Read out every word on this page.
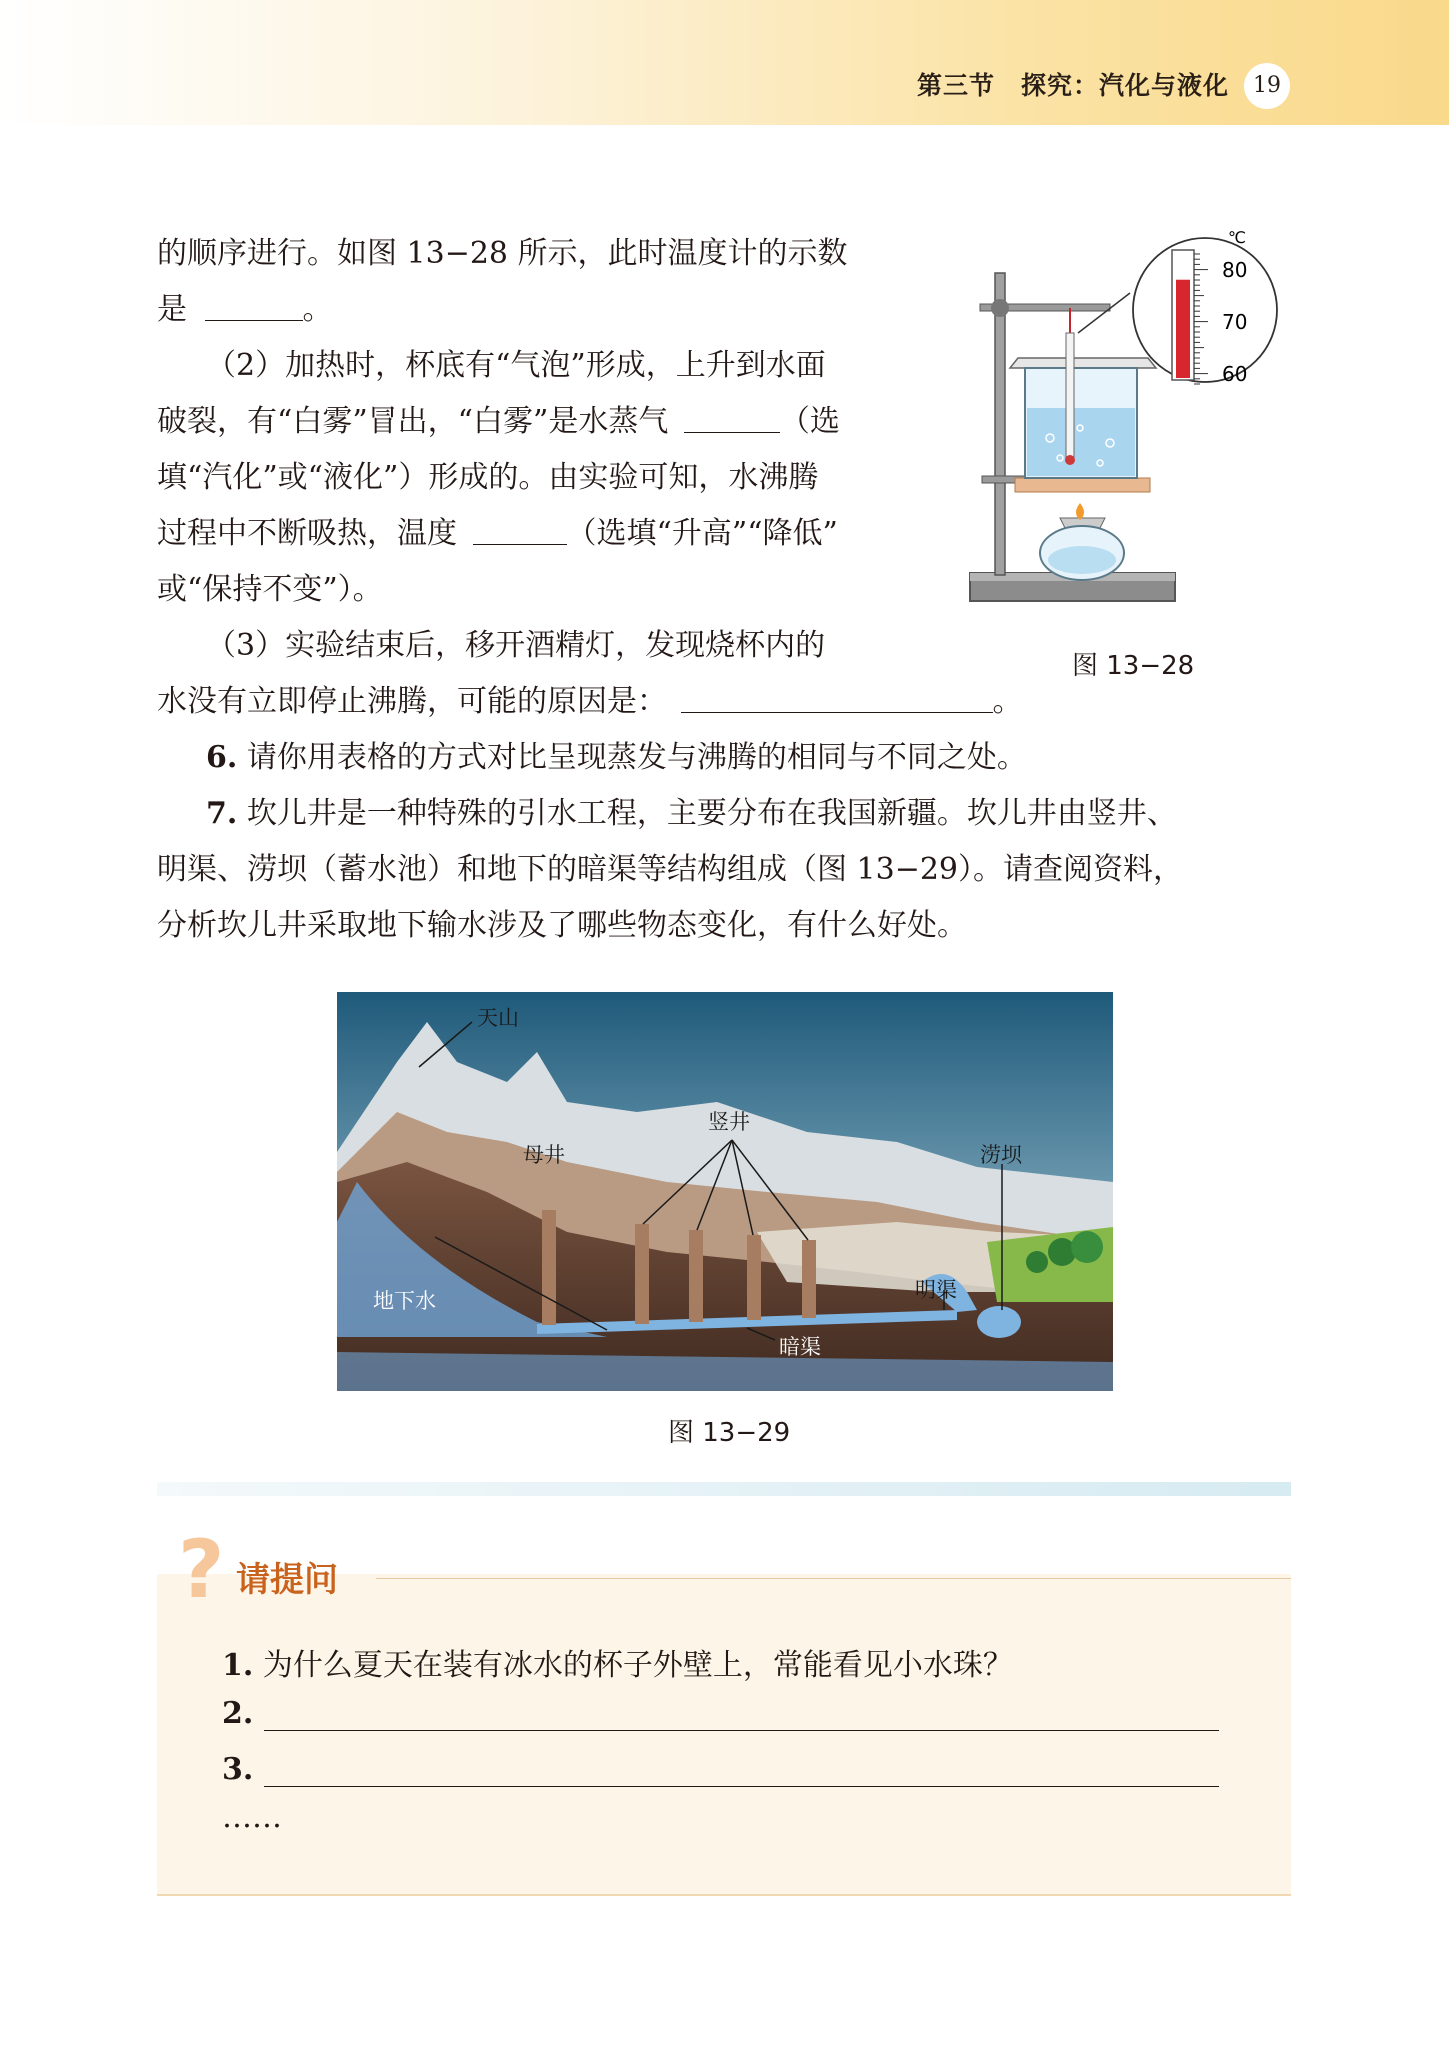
第三节　探究：汽化与液化	19
的顺序进行。如图 13−28 所示，此时温度计的示数
是	。
（2）加热时，杯底有“气泡”形成，上升到水面
破裂，有“白雾”冒出，“白雾”是水蒸气	（选
填“汽化”或“液化”）形成的。由实验可知，水沸腾
过程中不断吸热，温度	（选填“升高”“降低”
或“保持不变”）。
（3）实验结束后，移开酒精灯，发现烧杯内的
水没有立即停止沸腾，可能的原因是：	。
6. 请你用表格的方式对比呈现蒸发与沸腾的相同与不同之处。
7. 坎儿井是一种特殊的引水工程，主要分布在我国新疆。坎儿井由竖井、
明渠、涝坝（蓄水池）和地下的暗渠等结构组成（图 13−29）。请查阅资料，
分析坎儿井采取地下输水涉及了哪些物态变化，有什么好处。
℃
80
70
60
图 13−28
天山
母井
竖井
涝坝
地下水	明渠
暗渠
图 13−29
? 请提问
1. 为什么夏天在装有冰水的杯子外壁上，常能看见小水珠？
2.
3.
……
